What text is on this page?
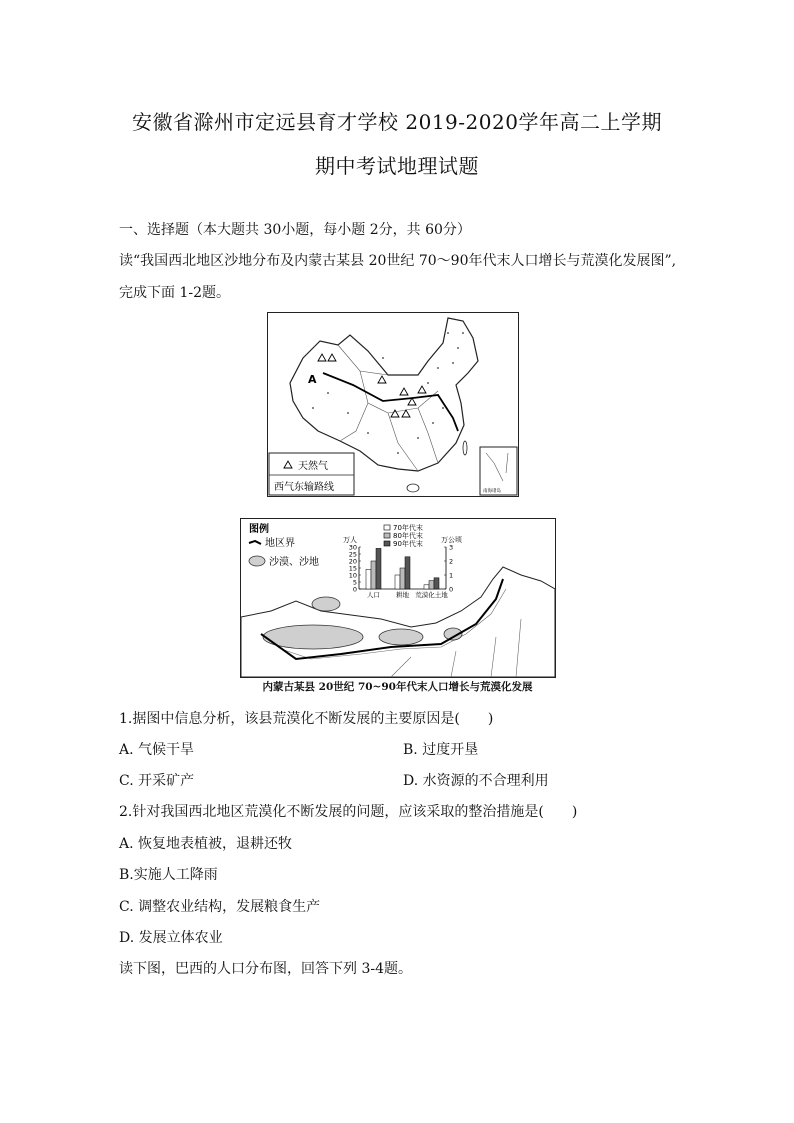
安徽省滁州市定远县育才学校 2019-2020学年高二上学期
期中考试地理试题
一、选择题（本大题共 30小题，每小题 2分，共 60分）
读“我国西北地区沙地分布及内蒙古某县 20世纪 70～90年代末人口增长与荒漠化发展图”,
完成下面 1-2题。
A
天然气
西气东输路线	南海诸岛
图例
地区界
沙漠、沙地
万人	万公顷
30
25
20
15
10
5
0
3
2
1
0
人口 耕地 荒漠化土地
70年代末
80年代末
90年代末
内蒙古某县 20世纪 70~90年代末人口增长与荒漠化发展
1.据图中信息分析，该县荒漠化不断发展的主要原因是(　　)
A. 气候干旱	B. 过度开垦
C. 开采矿产	D. 水资源的不合理利用
2.针对我国西北地区荒漠化不断发展的问题，应该采取的整治措施是(　　)
A. 恢复地表植被，退耕还牧
B.实施人工降雨
C. 调整农业结构，发展粮食生产
D. 发展立体农业
读下图，巴西的人口分布图，回答下列 3-4题。
